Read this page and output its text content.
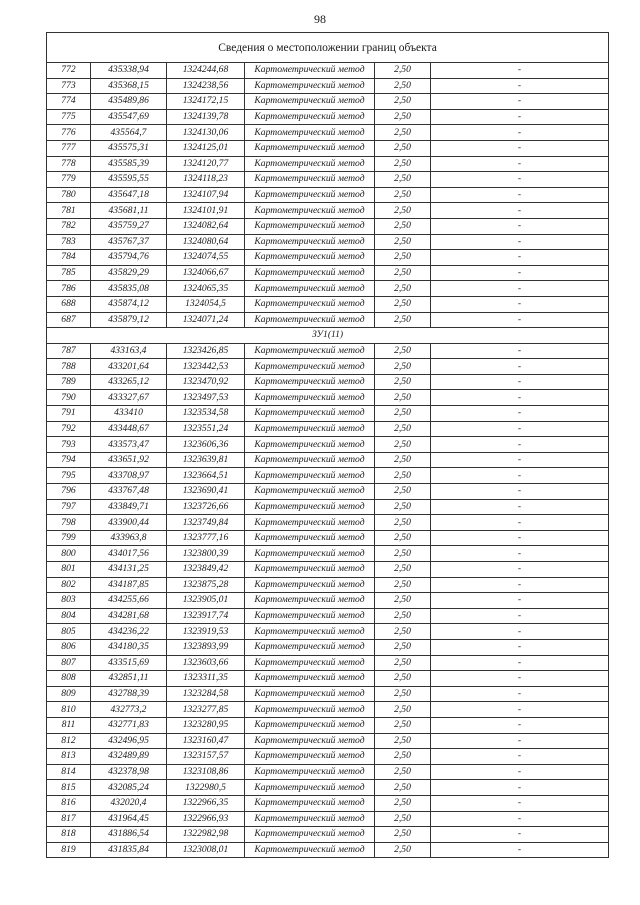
98
Сведения о местоположении границ объекта					
772	435338,94	1324244,68	Картометрический метод	2,50	-
773	435368,15	1324238,56	Картометрический метод	2,50	-
774	435489,86	1324172,15	Картометрический метод	2,50	-
775	435547,69	1324139,78	Картометрический метод	2,50	-
776	435564,7	1324130,06	Картометрический метод	2,50	-
777	435575,31	1324125,01	Картометрический метод	2,50	-
778	435585,39	1324120,77	Картометрический метод	2,50	-
779	435595,55	1324118,23	Картометрический метод	2,50	-
780	435647,18	1324107,94	Картометрический метод	2,50	-
781	435681,11	1324101,91	Картометрический метод	2,50	-
782	435759,27	1324082,64	Картометрический метод	2,50	-
783	435767,37	1324080,64	Картометрический метод	2,50	-
784	435794,76	1324074,55	Картометрический метод	2,50	-
785	435829,29	1324066,67	Картометрический метод	2,50	-
786	435835,08	1324065,35	Картометрический метод	2,50	-
688	435874,12	1324054,5	Картометрический метод	2,50	-
687	435879,12	1324071,24	Картометрический метод	2,50	-
ЗУ1(11)					
787	433163,4	1323426,85	Картометрический метод	2,50	-
788	433201,64	1323442,53	Картометрический метод	2,50	-
789	433265,12	1323470,92	Картометрический метод	2,50	-
790	433327,67	1323497,53	Картометрический метод	2,50	-
791	433410	1323534,58	Картометрический метод	2,50	-
792	433448,67	1323551,24	Картометрический метод	2,50	-
793	433573,47	1323606,36	Картометрический метод	2,50	-
794	433651,92	1323639,81	Картометрический метод	2,50	-
795	433708,97	1323664,51	Картометрический метод	2,50	-
796	433767,48	1323690,41	Картометрический метод	2,50	-
797	433849,71	1323726,66	Картометрический метод	2,50	-
798	433900,44	1323749,84	Картометрический метод	2,50	-
799	433963,8	1323777,16	Картометрический метод	2,50	-
800	434017,56	1323800,39	Картометрический метод	2,50	-
801	434131,25	1323849,42	Картометрический метод	2,50	-
802	434187,85	1323875,28	Картометрический метод	2,50	-
803	434255,66	1323905,01	Картометрический метод	2,50	-
804	434281,68	1323917,74	Картометрический метод	2,50	-
805	434236,22	1323919,53	Картометрический метод	2,50	-
806	434180,35	1323893,99	Картометрический метод	2,50	-
807	433515,69	1323603,66	Картометрический метод	2,50	-
808	432851,11	1323311,35	Картометрический метод	2,50	-
809	432788,39	1323284,58	Картометрический метод	2,50	-
810	432773,2	1323277,85	Картометрический метод	2,50	-
811	432771,83	1323280,95	Картометрический метод	2,50	-
812	432496,95	1323160,47	Картометрический метод	2,50	-
813	432489,89	1323157,57	Картометрический метод	2,50	-
814	432378,98	1323108,86	Картометрический метод	2,50	-
815	432085,24	1322980,5	Картометрический метод	2,50	-
816	432020,4	1322966,35	Картометрический метод	2,50	-
817	431964,45	1322966,93	Картометрический метод	2,50	-
818	431886,54	1322982,98	Картометрический метод	2,50	-
819	431835,84	1323008,01	Картометрический метод	2,50	-
